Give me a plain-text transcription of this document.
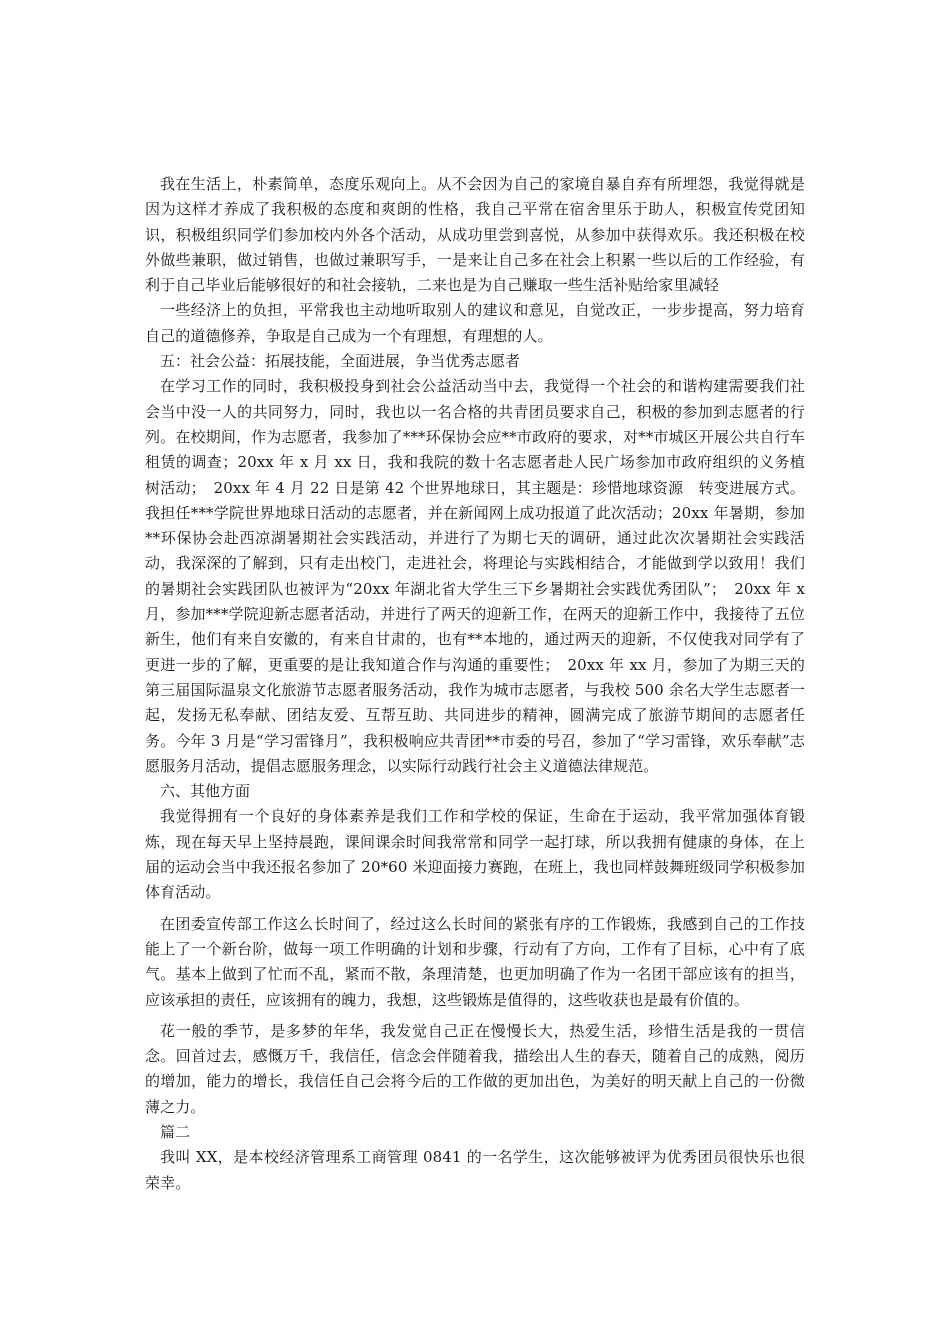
我在生活上，朴素简单，态度乐观向上。从不会因为自己的家境自暴自弃有所埋怨，我觉得就是因为这样才养成了我积极的态度和爽朗的性格，我自己平常在宿舍里乐于助人，积极宣传党团知识，积极组织同学们参加校内外各个活动，从成功里尝到喜悦，从参加中获得欢乐。我还积极在校外做些兼职，做过销售，也做过兼职写手，一是来让自己多在社会上积累一些以后的工作经验，有利于自己毕业后能够很好的和社会接轨，二来也是为自己赚取一些生活补贴给家里减轻

一些经济上的负担，平常我也主动地听取别人的建议和意见，自觉改正，一步步提高，努力培育自己的道德修养，争取是自己成为一个有理想，有理想的人。

五：社会公益：拓展技能，全面进展，争当优秀志愿者

在学习工作的同时，我积极投身到社会公益活动当中去，我觉得一个社会的和谐构建需要我们社会当中没一人的共同努力，同时，我也以一名合格的共青团员要求自己，积极的参加到志愿者的行列。在校期间，作为志愿者，我参加了***环保协会应**市政府的要求，对**市城区开展公共自行车租赁的调查；20xx 年 x 月 xx 日，我和我院的数十名志愿者赴人民广场参加市政府组织的义务植树活动；　20xx 年 4 月 22 日是第 42 个世界地球日，其主题是：珍惜地球资源　转变进展方式。我担任***学院世界地球日活动的志愿者，并在新闻网上成功报道了此次活动；20xx 年暑期，参加**环保协会赴西凉湖暑期社会实践活动，并进行了为期七天的调研，通过此次次暑期社会实践活动，我深深的了解到，只有走出校门，走进社会，将理论与实践相结合，才能做到学以致用！我们的暑期社会实践团队也被评为“20xx 年湖北省大学生三下乡暑期社会实践优秀团队”；　20xx 年 x 月，参加***学院迎新志愿者活动，并进行了两天的迎新工作，在两天的迎新工作中，我接待了五位新生，他们有来自安徽的，有来自甘肃的，也有**本地的，通过两天的迎新，不仅使我对同学有了更进一步的了解，更重要的是让我知道合作与沟通的重要性；　20xx 年 xx 月，参加了为期三天的第三届国际温泉文化旅游节志愿者服务活动，我作为城市志愿者，与我校 500 余名大学生志愿者一起，发扬无私奉献、团结友爱、互帮互助、共同进步的精神，圆满完成了旅游节期间的志愿者任务。今年 3 月是“学习雷锋月”，我积极响应共青团**市委的号召，参加了“学习雷锋，欢乐奉献”志愿服务月活动，提倡志愿服务理念，以实际行动践行社会主义道德法律规范。

六、其他方面

我觉得拥有一个良好的身体素养是我们工作和学校的保证，生命在于运动，我平常加强体育锻炼，现在每天早上坚持晨跑，课间课余时间我常常和同学一起打球，所以我拥有健康的身体，在上届的运动会当中我还报名参加了 20*60 米迎面接力赛跑，在班上，我也同样鼓舞班级同学积极参加体育活动。

在团委宣传部工作这么长时间了，经过这么长时间的紧张有序的工作锻炼，我感到自己的工作技能上了一个新台阶，做每一项工作明确的计划和步骤，行动有了方向，工作有了目标，心中有了底气。基本上做到了忙而不乱，紧而不散，条理清楚，也更加明确了作为一名团干部应该有的担当，应该承担的责任，应该拥有的魄力，我想，这些锻炼是值得的，这些收获也是最有价值的。

花一般的季节，是多梦的年华，我发觉自己正在慢慢长大，热爱生活，珍惜生活是我的一贯信念。回首过去，感慨万千，我信任，信念会伴随着我，描绘出人生的春天，随着自己的成熟，阅历的增加，能力的增长，我信任自己会将今后的工作做的更加出色，为美好的明天献上自己的一份微薄之力。

篇二

我叫 XX，是本校经济管理系工商管理 0841 的一名学生，这次能够被评为优秀团员很快乐也很荣幸。
